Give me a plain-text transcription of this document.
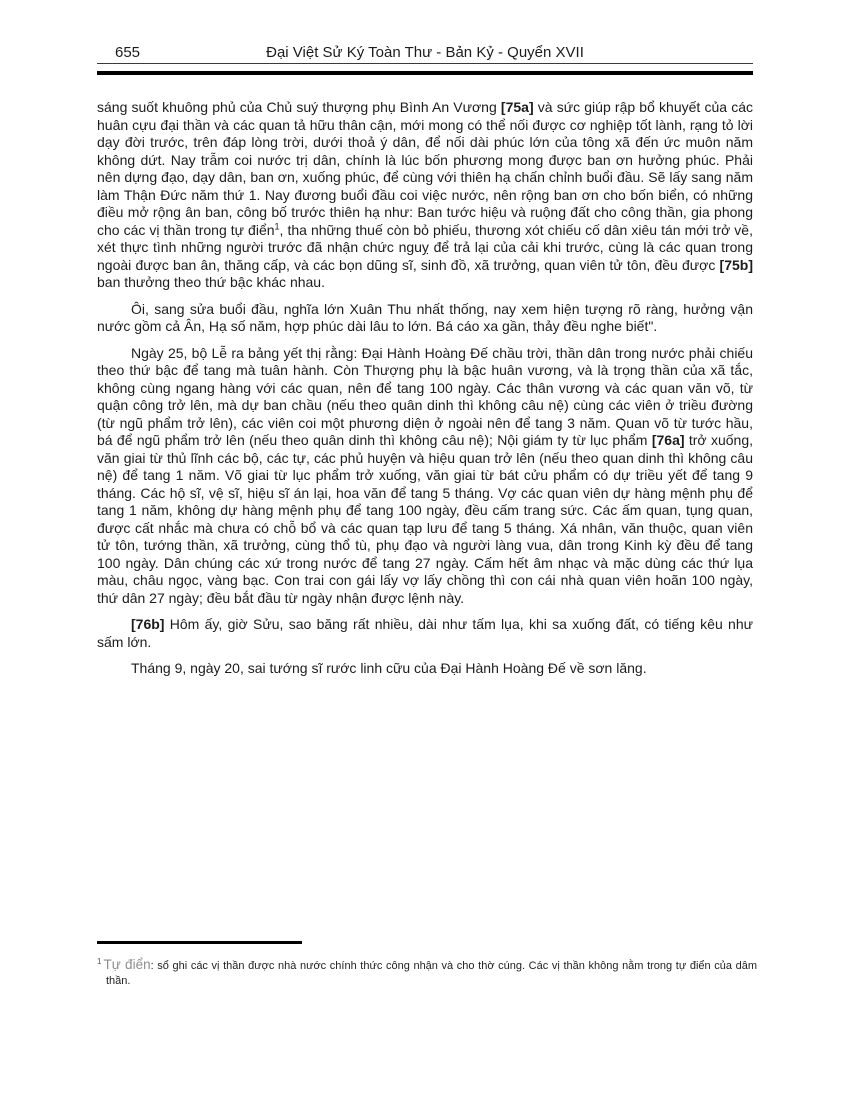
655	Đại Việt Sử Ký Toàn Thư - Bản Kỷ - Quyển XVII

sáng suốt khuông phủ của Chủ suý thượng phụ Bình An Vương [75a] và sức giúp rập bổ khuyết của các huân cựu đại thần và các quan tả hữu thân cận, mới mong có thể nối được cơ nghiệp tốt lành, rạng tỏ lời dạy đời trước, trên đáp lòng trời, dưới thoả ý dân, để nối dài phúc lớn của tông xã đến ức muôn năm không dứt. Nay trẫm coi nước trị dân, chính là lúc bốn phương mong được ban ơn hưởng phúc. Phải nên dựng đạo, dạy dân, ban ơn, xuống phúc, để cùng với thiên hạ chấn chỉnh buổi đầu. Sẽ lấy sang năm làm Thận Đức năm thứ 1. Nay đương buổi đầu coi việc nước, nên rộng ban ơn cho bốn biển, có những điều mở rộng ân ban, công bố trước thiên hạ như: Ban tước hiệu và ruộng đất cho công thần, gia phong cho các vị thần trong tự điển$^1$, tha những thuế còn bỏ phiếu, thương xót chiếu cố dân xiêu tán mới trở về, xét thực tình những người trước đã nhận chức nguỵ để trả lại của cải khi trước, cùng là các quan trong ngoài được ban ân, thăng cấp, và các bọn dũng sĩ, sinh đồ, xã trưởng, quan viên tử tôn, đều được [75b] ban thưởng theo thứ bậc khác nhau.

Ôi, sang sửa buổi đầu, nghĩa lớn Xuân Thu nhất thống, nay xem hiện tượng rõ ràng, hưởng vận nước gồm cả Ân, Hạ số năm, hợp phúc dài lâu to lớn. Bá cáo xa gần, thảy đều nghe biết".

Ngày 25, bộ Lễ ra bảng yết thị rằng: Đại Hành Hoàng Đế chầu trời, thần dân trong nước phải chiếu theo thứ bậc để tang mà tuân hành. Còn Thượng phụ là bậc huân vương, và là trọng thần của xã tắc, không cùng ngang hàng với các quan, nên để tang 100 ngày. Các thân vương và các quan văn võ, từ quận công trở lên, mà dự ban chầu (nếu theo quân dinh thì không câu nệ) cùng các viên ở triều đường (từ ngũ phẩm trở lên), các viên coi một phương diện ở ngoài nên để tang 3 năm. Quan võ từ tước hầu, bá để ngũ phẩm trở lên (nếu theo quân dinh thì không câu nệ); Nội giám ty từ lục phẩm [76a] trở xuống, văn giai từ thủ lĩnh các bộ, các tự, các phủ huyện và hiệu quan trở lên (nếu theo quan dinh thì không câu nệ) để tang 1 năm. Võ giai từ lục phẩm trở xuống, văn giai từ bát cửu phẩm có dự triều yết để tang 9 tháng. Các hộ sĩ, vệ sĩ, hiệu sĩ án lại, hoa văn để tang 5 tháng. Vợ các quan viên dự hàng mệnh phụ để tang 1 năm, không dự hàng mệnh phụ để tang 100 ngày, đều cấm trang sức. Các ấm quan, tụng quan, được cất nhắc mà chưa có chỗ bổ và các quan tạp lưu để tang 5 tháng. Xá nhân, văn thuộc, quan viên tử tôn, tướng thần, xã trưởng, cùng thổ tù, phụ đạo và người làng vua, dân trong Kinh kỳ đều để tang 100 ngày. Dân chúng các xứ trong nước để tang 27 ngày. Cấm hết âm nhạc và mặc dùng các thứ lụa màu, châu ngọc, vàng bạc. Con trai con gái lấy vợ lấy chồng thì con cái nhà quan viên hoãn 100 ngày, thứ dân 27 ngày; đều bắt đầu từ ngày nhận được lệnh này.

[76b] Hôm ấy, giờ Sửu, sao băng rất nhiều, dài như tấm lụa, khi sa xuống đất, có tiếng kêu như sấm lớn.

Tháng 9, ngày 20, sai tướng sĩ rước linh cữu của Đại Hành Hoàng Đế về sơn lăng.

$^1$ Tự điển: sổ ghi các vị thần được nhà nước chính thức công nhận và cho thờ cúng. Các vị thần không nằm trong tự điển của dâm thần.
